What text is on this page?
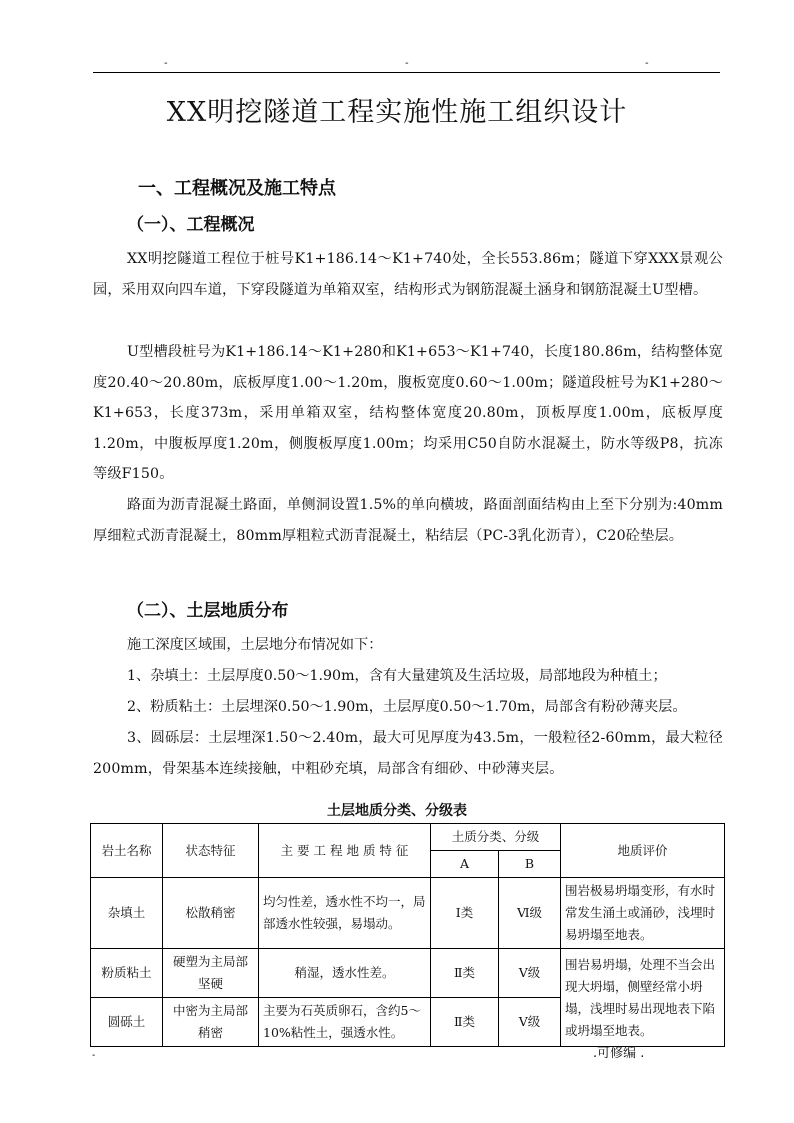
-	-	-
XX明挖隧道工程实施性施工组织设计
一、工程概况及施工特点
（一）、工程概况

XX明挖隧道工程位于桩号K1+186.14～K1+740处，全长553.86m；隧道下穿XXX景观公园，采用双向四车道，下穿段隧道为单箱双室，结构形式为钢筋混凝土涵身和钢筋混凝土U型槽。

U型槽段桩号为K1+186.14～K1+280和K1+653～K1+740，长度180.86m，结构整体宽度20.40～20.80m，底板厚度1.00～1.20m，腹板宽度0.60～1.00m；隧道段桩号为K1+280～K1+653，长度373m，采用单箱双室，结构整体宽度20.80m，顶板厚度1.00m，底板厚度1.20m，中腹板厚度1.20m，侧腹板厚度1.00m；均采用C50自防水混凝土，防水等级P8，抗冻等级F150。

路面为沥青混凝土路面，单侧洞设置1.5%的单向横坡，路面剖面结构由上至下分别为:40mm厚细粒式沥青混凝土，80mm厚粗粒式沥青混凝土，粘结层（PC-3乳化沥青），C20砼垫层。

（二）、土层地质分布
施工深度区域围，土层地分布情况如下：
1、杂填土：土层厚度0.50～1.90m，含有大量建筑及生活垃圾，局部地段为种植土；
2、粉质粘土：土层埋深0.50～1.90m，土层厚度0.50～1.70m，局部含有粉砂薄夹层。

3、圆砾层：土层埋深1.50～2.40m，最大可见厚度为43.5m，一般粒径2-60mm，最大粒径200mm，骨架基本连续接触，中粗砂充填，局部含有细砂、中砂薄夹层。

土层地质分类、分级表
岩土名称	状态特征	主 要 工 程 地 质 特 征	土质分类、分级		地质评价
			A	B	
杂填土	松散稍密	均匀性差，透水性不均一，局部透水性较强，易塌动。	Ⅰ类	Ⅵ级	围岩极易坍塌变形，有水时常发生涌土或涌砂，浅埋时易坍塌至地表。
粉质粘土	硬塑为主局部坚硬	稍湿，透水性差。	Ⅱ类	Ⅴ级	围岩易坍塌，处理不当会出现大坍塌，侧壁经常小坍塌，浅埋时易出现地表下陷或坍塌至地表。
圆砾土	中密为主局部稍密	主要为石英质卵石，含约5～10%粘性土，强透水性。	Ⅱ类	Ⅴ级	
-	.可修编 .
